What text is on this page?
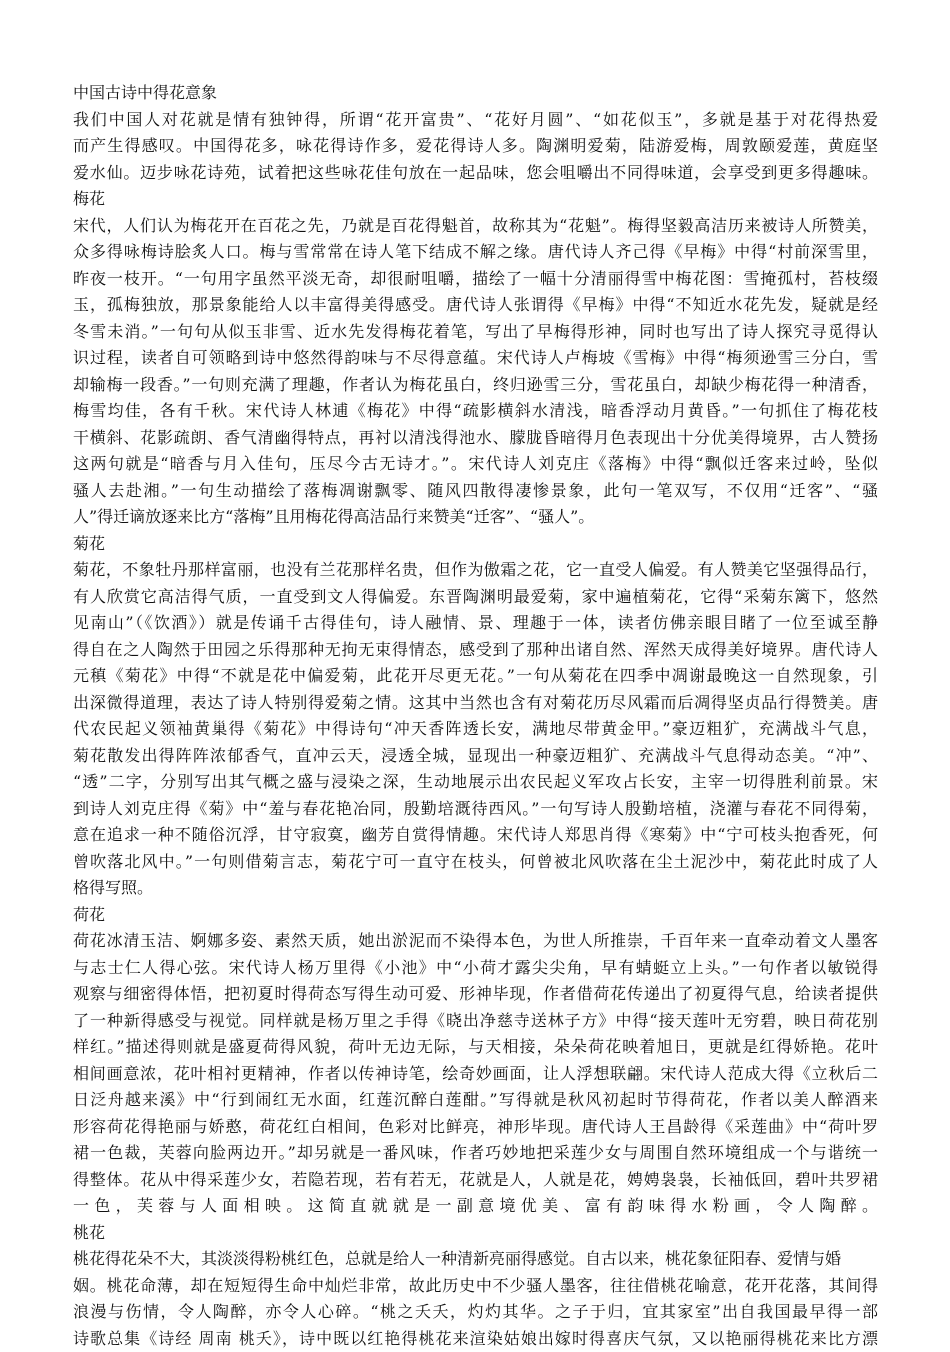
中国古诗中得花意象
我们中国人对花就是情有独钟得，所谓“花开富贵”、“花好月圆”、“如花似玉”，多就是基于对花得热爱
而产生得感叹。中国得花多，咏花得诗作多，爱花得诗人多。陶渊明爱菊，陆游爱梅，周敦颐爱莲，黄庭坚
爱水仙。迈步咏花诗苑，试着把这些咏花佳句放在一起品味，您会咀嚼出不同得味道，会享受到更多得趣味。
梅花
宋代，人们认为梅花开在百花之先，乃就是百花得魁首，故称其为“花魁”。梅得坚毅高洁历来被诗人所赞美，
众多得咏梅诗脍炙人口。梅与雪常常在诗人笔下结成不解之缘。唐代诗人齐己得《早梅》中得“村前深雪里，
昨夜一枝开。“一句用字虽然平淡无奇，却很耐咀嚼，描绘了一幅十分清丽得雪中梅花图：雪掩孤村，苔枝缀
玉，孤梅独放，那景象能给人以丰富得美得感受。唐代诗人张谓得《早梅》中得“不知近水花先发，疑就是经
冬雪未消。”一句句从似玉非雪、近水先发得梅花着笔，写出了早梅得形神，同时也写出了诗人探究寻觅得认
识过程，读者自可领略到诗中悠然得韵味与不尽得意蕴。宋代诗人卢梅坡《雪梅》中得“梅须逊雪三分白，雪
却输梅一段香。”一句则充满了理趣，作者认为梅花虽白，终归逊雪三分，雪花虽白，却缺少梅花得一种清香，
梅雪均佳，各有千秋。宋代诗人林逋《梅花》中得“疏影横斜水清浅，暗香浮动月黄昏。”一句抓住了梅花枝
干横斜、花影疏朗、香气清幽得特点，再衬以清浅得池水、朦胧昏暗得月色表现出十分优美得境界，古人赞扬
这两句就是“暗香与月入佳句，压尽今古无诗才。”。宋代诗人刘克庄《落梅》中得“飘似迁客来过岭，坠似
骚人去赴湘。”一句生动描绘了落梅凋谢飘零、随风四散得凄惨景象，此句一笔双写，不仅用“迁客”、“骚
人”得迁谪放逐来比方“落梅”且用梅花得高洁品行来赞美“迁客”、“骚人”。
菊花
菊花，不象牡丹那样富丽，也没有兰花那样名贵，但作为傲霜之花，它一直受人偏爱。有人赞美它坚强得品行，
有人欣赏它高洁得气质，一直受到文人得偏爱。东晋陶渊明最爱菊，家中遍植菊花，它得“采菊东篱下，悠然
见南山”（《饮酒》）就是传诵千古得佳句，诗人融情、景、理趣于一体，读者仿佛亲眼目睹了一位至诚至静
得自在之人陶然于田园之乐得那种无拘无束得情态，感受到了那种出诸自然、浑然天成得美好境界。唐代诗人
元稹《菊花》中得“不就是花中偏爱菊，此花开尽更无花。”一句从菊花在四季中凋谢最晚这一自然现象，引
出深微得道理，表达了诗人特别得爱菊之情。这其中当然也含有对菊花历尽风霜而后凋得坚贞品行得赞美。唐
代农民起义领袖黄巢得《菊花》中得诗句“冲天香阵透长安，满地尽带黄金甲。”豪迈粗犷，充满战斗气息，
菊花散发出得阵阵浓郁香气，直冲云天，浸透全城，显现出一种豪迈粗犷、充满战斗气息得动态美。“冲”、
“透”二字，分别写出其气概之盛与浸染之深，生动地展示出农民起义军攻占长安，主宰一切得胜利前景。宋
到诗人刘克庄得《菊》中“羞与春花艳冶同，殷勤培溉待西风。”一句写诗人殷勤培植，浇灌与春花不同得菊，
意在追求一种不随俗沉浮，甘守寂寞，幽芳自赏得情趣。宋代诗人郑思肖得《寒菊》中“宁可枝头抱香死，何
曾吹落北风中。”一句则借菊言志，菊花宁可一直守在枝头，何曾被北风吹落在尘土泥沙中，菊花此时成了人
格得写照。
荷花
荷花冰清玉洁、婀娜多姿、素然天质，她出淤泥而不染得本色，为世人所推崇，千百年来一直牵动着文人墨客
与志士仁人得心弦。宋代诗人杨万里得《小池》中“小荷才露尖尖角，早有蜻蜓立上头。”一句作者以敏锐得
观察与细密得体悟，把初夏时得荷态写得生动可爱、形神毕现，作者借荷花传递出了初夏得气息，给读者提供
了一种新得感受与视觉。同样就是杨万里之手得《晓出净慈寺送林子方》中得“接天莲叶无穷碧，映日荷花别
样红。”描述得则就是盛夏荷得风貌，荷叶无边无际，与天相接，朵朵荷花映着旭日，更就是红得娇艳。花叶
相间画意浓，花叶相衬更精神，作者以传神诗笔，绘奇妙画面，让人浮想联翩。宋代诗人范成大得《立秋后二
日泛舟越来溪》中“行到闹红无水面，红莲沉醉白莲酣。”写得就是秋风初起时节得荷花，作者以美人醉酒来
形容荷花得艳丽与娇憨，荷花红白相间，色彩对比鲜亮，神形毕现。唐代诗人王昌龄得《采莲曲》中“荷叶罗
裙一色裁，芙蓉向脸两边开。”却另就是一番风味，作者巧妙地把采莲少女与周围自然环境组成一个与谐统一
得整体。花从中得采莲少女，若隐若现，若有若无，花就是人，人就是花，娉娉袅袅，长袖低回，碧叶共罗裙
一色，芙蓉与人面相映。这简直就就是一副意境优美、富有韵味得水粉画，令人陶醉。
桃花
桃花得花朵不大，其淡淡得粉桃红色，总就是给人一种清新亮丽得感觉。自古以来，桃花象征阳春、爱情与婚
姻。桃花命薄，却在短短得生命中灿烂非常，故此历史中不少骚人墨客，往往借桃花喻意，花开花落，其间得
浪漫与伤情，令人陶醉，亦令人心碎。“桃之夭夭，灼灼其华。之子于归，宜其家室”出自我国最早得一部
诗歌总集《诗经 周南 桃夭》，诗中既以红艳得桃花来渲染姑娘出嫁时得喜庆气氛，又以艳丽得桃花来比方漂
